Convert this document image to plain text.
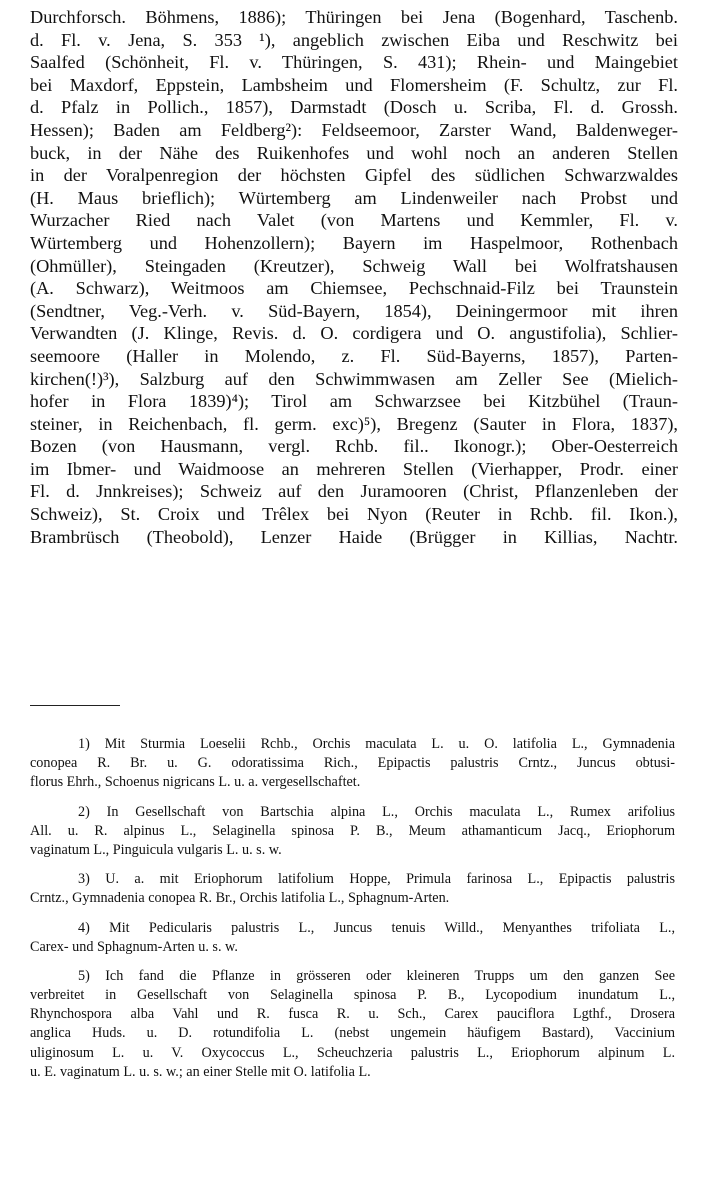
Durchforsch. Böhmens, 1886); Thüringen bei Jena (Bogenhard, Taschenb.
d. Fl. v. Jena, S. 353 ¹), angeblich zwischen Eiba und Reschwitz bei
Saalfed (Schönheit, Fl. v. Thüringen, S. 431); Rhein- und Maingebiet
bei Maxdorf, Eppstein, Lambsheim und Flomersheim (F. Schultz, zur Fl.
d. Pfalz in Pollich., 1857), Darmstadt (Dosch u. Scriba, Fl. d. Grossh.
Hessen); Baden am Feldberg²): Feldseemoor, Zarster Wand, Baldenweger-
buck, in der Nähe des Ruikenhofes und wohl noch an anderen Stellen
in der Voralpenregion der höchsten Gipfel des südlichen Schwarzwaldes
(H. Maus brieflich); Würtemberg am Lindenweiler nach Probst und
Wurzacher Ried nach Valet (von Martens und Kemmler, Fl. v.
Würtemberg und Hohenzollern); Bayern im Haspelmoor, Rothenbach
(Ohmüller), Steingaden (Kreutzer), Schweig Wall bei Wolfratshausen
(A. Schwarz), Weitmoos am Chiemsee, Pechschnaid-Filz bei Traunstein
(Sendtner, Veg.-Verh. v. Süd-Bayern, 1854), Deiningermoor mit ihren
Verwandten (J. Klinge, Revis. d. O. cordigera und O. angustifolia), Schlier-
seemoore (Haller in Molendo, z. Fl. Süd-Bayerns, 1857), Parten-
kirchen(!)³), Salzburg auf den Schwimmwasen am Zeller See (Mielich-
hofer in Flora 1839)⁴); Tirol am Schwarzsee bei Kitzbühel (Traun-
steiner, in Reichenbach, fl. germ. exc)⁵), Bregenz (Sauter in Flora, 1837),
Bozen (von Hausmann, vergl. Rchb. fil.. Ikonogr.); Ober-Oesterreich
im Ibmer- und Waidmoose an mehreren Stellen (Vierhapper, Prodr. einer
Fl. d. Jnnkreises); Schweiz auf den Juramooren (Christ, Pflanzenleben der
Schweiz), St. Croix und Trêlex bei Nyon (Reuter in Rchb. fil. Ikon.),
Brambrüsch (Theobold), Lenzer Haide (Brügger in Killias, Nachtr.
1) Mit Sturmia Loeselii Rchb., Orchis maculata L. u. O. latifolia L., Gymnadenia
conopea R. Br. u. G. odoratissima Rich., Epipactis palustris Crntz., Juncus obtusi-
florus Ehrh., Schoenus nigricans L. u. a. vergesellschaftet.
2) In Gesellschaft von Bartschia alpina L., Orchis maculata L., Rumex arifolius
All. u. R. alpinus L., Selaginella spinosa P. B., Meum athamanticum Jacq., Eriophorum
vaginatum L., Pinguicula vulgaris L. u. s. w.
3) U. a. mit Eriophorum latifolium Hoppe, Primula farinosa L., Epipactis palustris
Crntz., Gymnadenia conopea R. Br., Orchis latifolia L., Sphagnum-Arten.
4) Mit Pedicularis palustris L., Juncus tenuis Willd., Menyanthes trifoliata L.,
Carex- und Sphagnum-Arten u. s. w.
5) Ich fand die Pflanze in grösseren oder kleineren Trupps um den ganzen See
verbreitet in Gesellschaft von Selaginella spinosa P. B., Lycopodium inundatum L.,
Rhynchospora alba Vahl und R. fusca R. u. Sch., Carex pauciflora Lgthf., Drosera
anglica Huds. u. D. rotundifolia L. (nebst ungemein häufigem Bastard), Vaccinium
uliginosum L. u. V. Oxycoccus L., Scheuchzeria palustris L., Eriophorum alpinum L.
u. E. vaginatum L. u. s. w.; an einer Stelle mit O. latifolia L.
